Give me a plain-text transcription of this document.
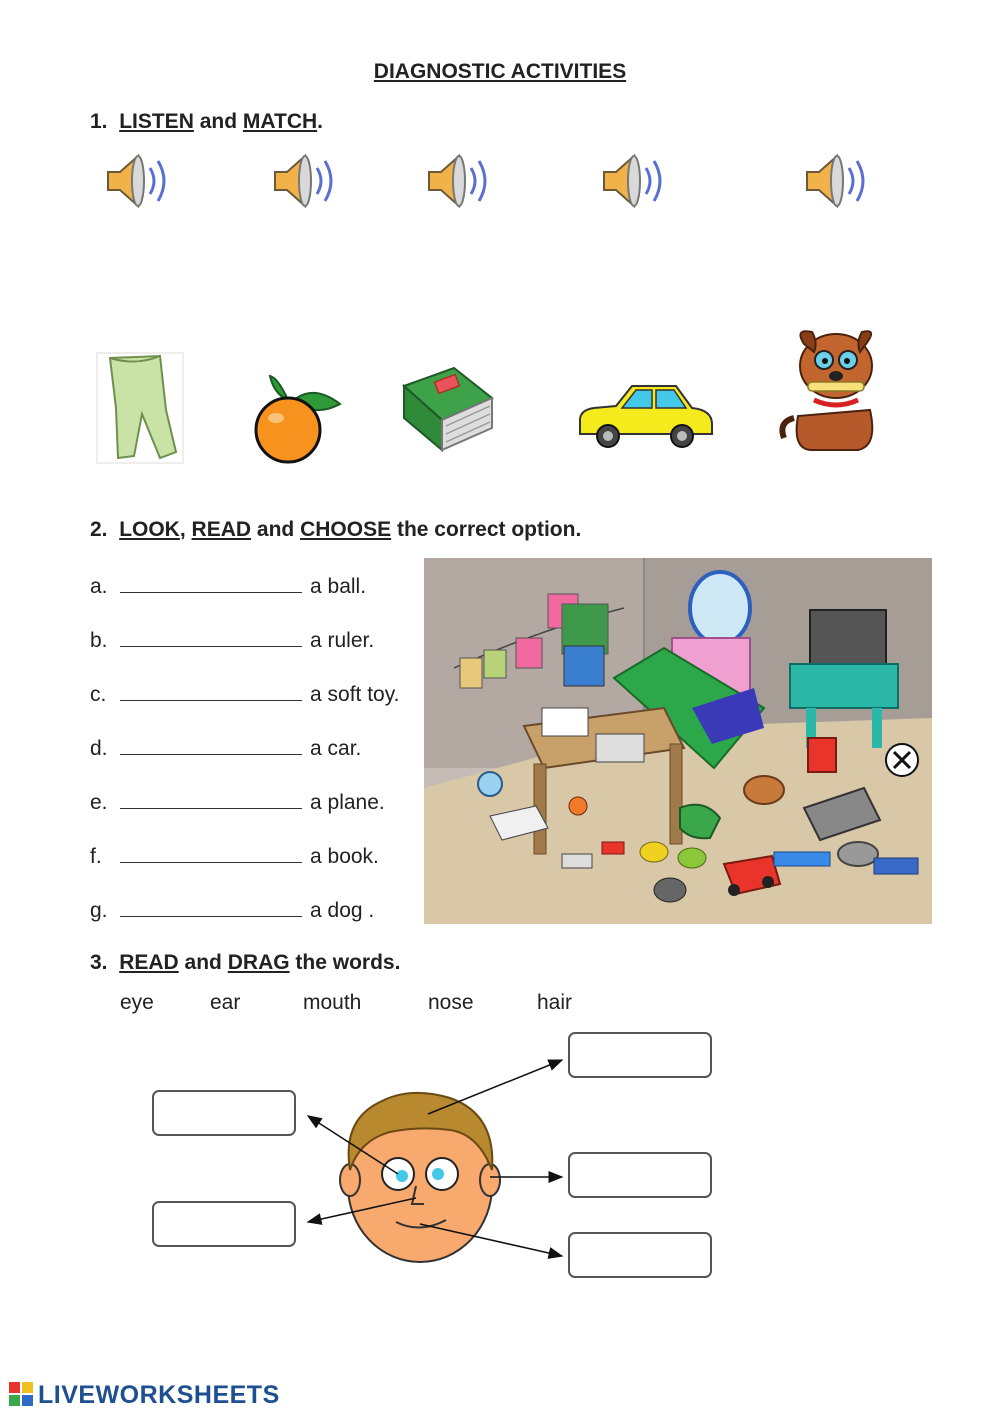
DIAGNOSTIC ACTIVITIES
1. LISTEN and MATCH.
2. LOOK, READ and CHOOSE the correct option.
a.	a ball.
b.	a ruler.
c.	a soft toy.
d.	a car.
e.	a plane.
f.	a book.
g.	a dog .
3. READ and DRAG the words.
eye	ear	mouth	nose	hair
LIVEWORKSHEETS
